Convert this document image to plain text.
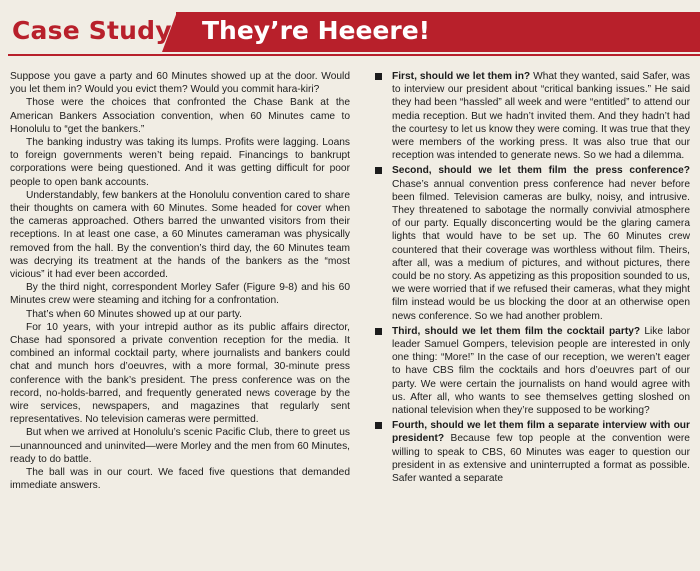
Case Study They’re Heeere!

Suppose you gave a party and 60 Minutes showed up at the door. Would you let them in? Would you evict them? Would you commit hara-kiri?

Those were the choices that confronted the Chase Bank at the American Bankers Association convention, when 60 Minutes came to Honolulu to “get the bankers.”

The banking industry was taking its lumps. Profits were lagging. Loans to foreign governments weren’t being repaid. Financings to bankrupt corporations were being questioned. And it was getting difficult for poor people to open bank accounts.

Understandably, few bankers at the Honolulu convention cared to share their thoughts on camera with 60 Minutes. Some headed for cover when the cameras approached. Others barred the unwanted visitors from their receptions. In at least one case, a 60 Minutes cameraman was physically removed from the hall. By the convention’s third day, the 60 Minutes team was decrying its treatment at the hands of the bankers as the “most vicious” it had ever been accorded.

By the third night, correspondent Morley Safer (Figure 9-8) and his 60 Minutes crew were steaming and itching for a confrontation.

That’s when 60 Minutes showed up at our party.

For 10 years, with your intrepid author as its public affairs director, Chase had sponsored a private convention reception for the media. It combined an informal cocktail party, where journalists and bankers could chat and munch hors d’oeuvres, with a more formal, 30-minute press conference with the bank’s president. The press conference was on the record, no-holds-barred, and frequently generated news coverage by the wire services, newspapers, and magazines that regularly sent representatives. No television cameras were permitted.

But when we arrived at Honolulu’s scenic Pacific Club, there to greet us—unannounced and uninvited—were Morley and the men from 60 Minutes, ready to do battle.

The ball was in our court. We faced five questions that demanded immediate answers.

First, should we let them in? What they wanted, said Safer, was to interview our president about “critical banking issues.” He said they had been “hassled” all week and were “entitled” to attend our media reception. But we hadn’t invited them. And they hadn’t had the courtesy to let us know they were coming. It was true that they were members of the working press. It was also true that our reception was intended to generate news. So we had a dilemma.
Second, should we let them film the press conference? Chase’s annual convention press conference had never before been filmed. Television cameras are bulky, noisy, and intrusive. They threatened to sabotage the normally convivial atmosphere of our party. Equally disconcerting would be the glaring camera lights that would have to be set up. The 60 Minutes crew countered that their coverage was worthless without film. Theirs, after all, was a medium of pictures, and without pictures, there could be no story. As appetizing as this proposition sounded to us, we were worried that if we refused their cameras, what they might film instead would be us blocking the door at an otherwise open news conference. So we had another problem.
Third, should we let them film the cocktail party? Like labor leader Samuel Gompers, television people are interested in only one thing: “More!” In the case of our reception, we weren’t eager to have CBS film the cocktails and hors d’oeuvres part of our party. We were certain the journalists on hand would agree with us. After all, who wants to see themselves getting sloshed on national television when they’re supposed to be working?
Fourth, should we let them film a separate interview with our president? Because few top people at the convention were willing to speak to CBS, 60 Minutes was eager to question our president in as extensive and uninterrupted a format as possible. Safer wanted a separate
